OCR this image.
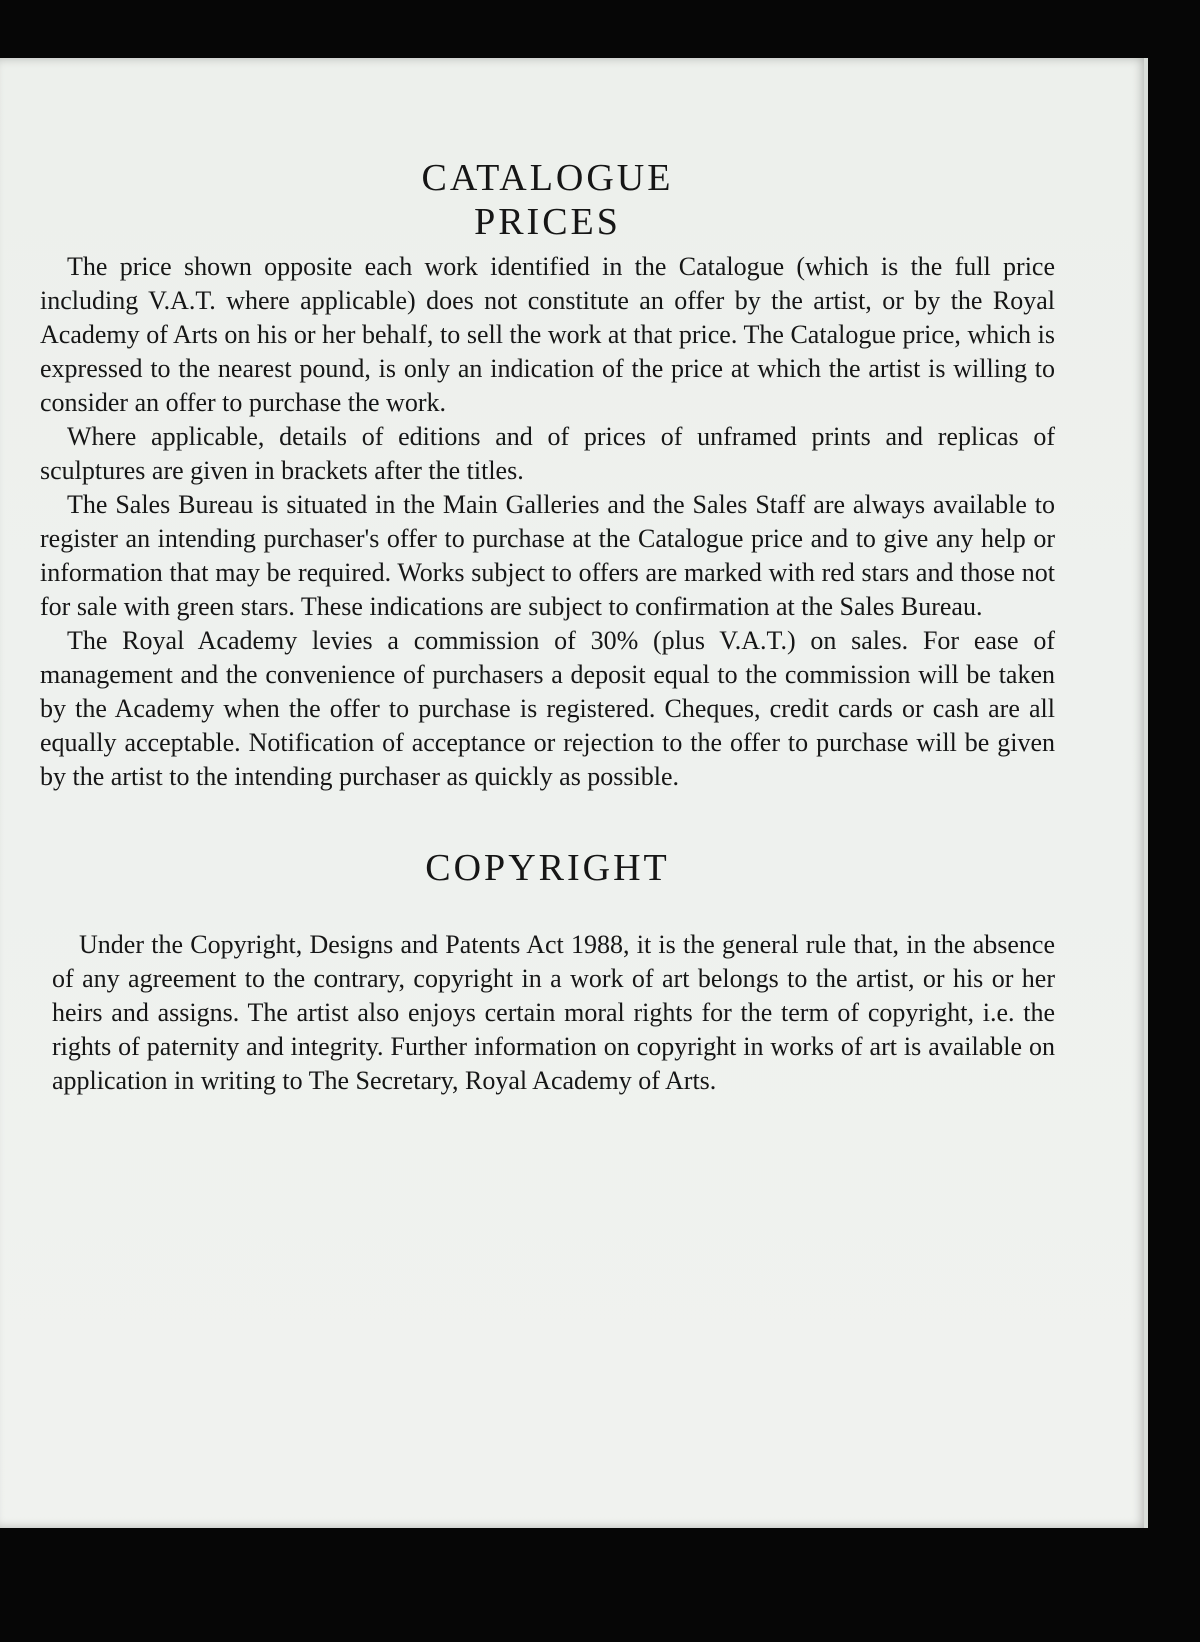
CATALOGUE
PRICES

The price shown opposite each work identified in the Catalogue (which is the full price including V.A.T. where applicable) does not constitute an offer by the artist, or by the Royal Academy of Arts on his or her behalf, to sell the work at that price. The Catalogue price, which is expressed to the nearest pound, is only an indication of the price at which the artist is willing to consider an offer to purchase the work.

Where applicable, details of editions and of prices of unframed prints and replicas of sculptures are given in brackets after the titles.

The Sales Bureau is situated in the Main Galleries and the Sales Staff are always available to register an intending purchaser's offer to purchase at the Catalogue price and to give any help or information that may be required. Works subject to offers are marked with red stars and those not for sale with green stars. These indications are subject to confirmation at the Sales Bureau.

The Royal Academy levies a commission of 30% (plus V.A.T.) on sales. For ease of management and the convenience of purchasers a deposit equal to the commission will be taken by the Academy when the offer to purchase is registered. Cheques, credit cards or cash are all equally acceptable. Notification of acceptance or rejection to the offer to purchase will be given by the artist to the intending purchaser as quickly as possible.

COPYRIGHT

Under the Copyright, Designs and Patents Act 1988, it is the general rule that, in the absence of any agreement to the contrary, copyright in a work of art belongs to the artist, or his or her heirs and assigns. The artist also enjoys certain moral rights for the term of copyright, i.e. the rights of paternity and integrity. Further information on copyright in works of art is available on application in writing to The Secretary, Royal Academy of Arts.
